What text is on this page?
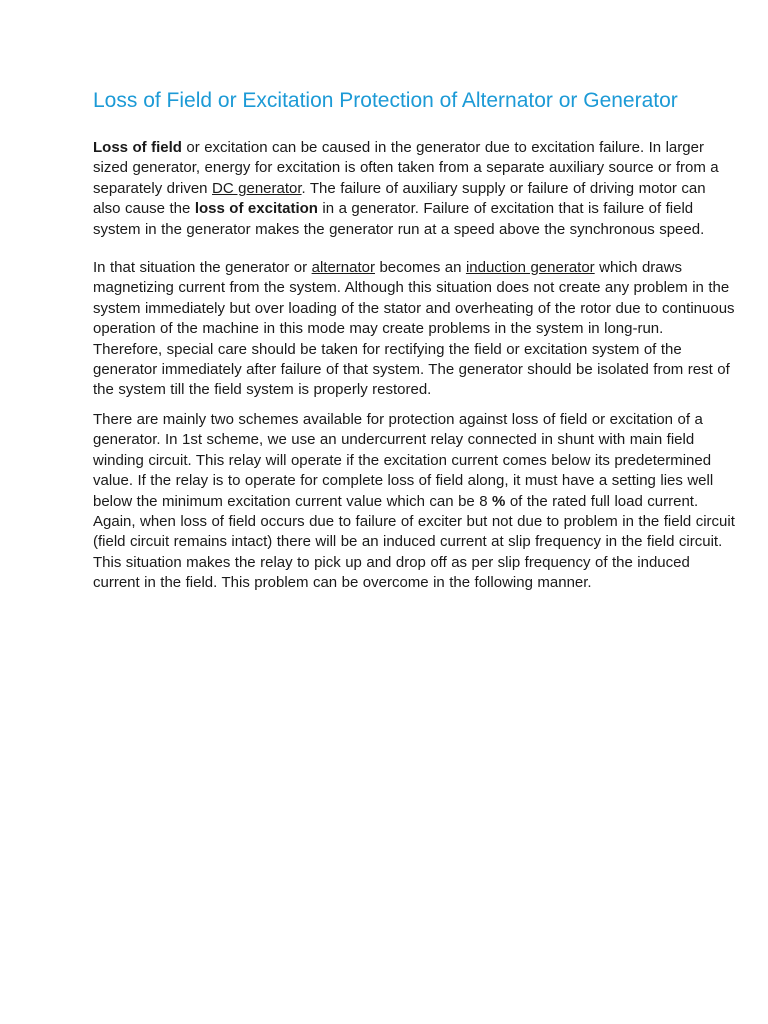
Loss of Field or Excitation Protection of Alternator or Generator

Loss of field or excitation can be caused in the generator due to excitation failure. In larger sized generator, energy for excitation is often taken from a separate auxiliary source or from a separately driven DC generator. The failure of auxiliary supply or failure of driving motor can also cause the loss of excitation in a generator. Failure of excitation that is failure of field system in the generator makes the generator run at a speed above the synchronous speed.

In that situation the generator or alternator becomes an induction generator which draws magnetizing current from the system. Although this situation does not create any problem in the system immediately but over loading of the stator and overheating of the rotor due to continuous operation of the machine in this mode may create problems in the system in long-run. Therefore, special care should be taken for rectifying the field or excitation system of the generator immediately after failure of that system. The generator should be isolated from rest of the system till the field system is properly restored.

There are mainly two schemes available for protection against loss of field or excitation of a generator. In 1st scheme, we use an undercurrent relay connected in shunt with main field winding circuit. This relay will operate if the excitation current comes below its predetermined value. If the relay is to operate for complete loss of field along, it must have a setting lies well below the minimum excitation current value which can be 8 % of the rated full load current. Again, when loss of field occurs due to failure of exciter but not due to problem in the field circuit (field circuit remains intact) there will be an induced current at slip frequency in the field circuit. This situation makes the relay to pick up and drop off as per slip frequency of the induced current in the field. This problem can be overcome in the following manner.
